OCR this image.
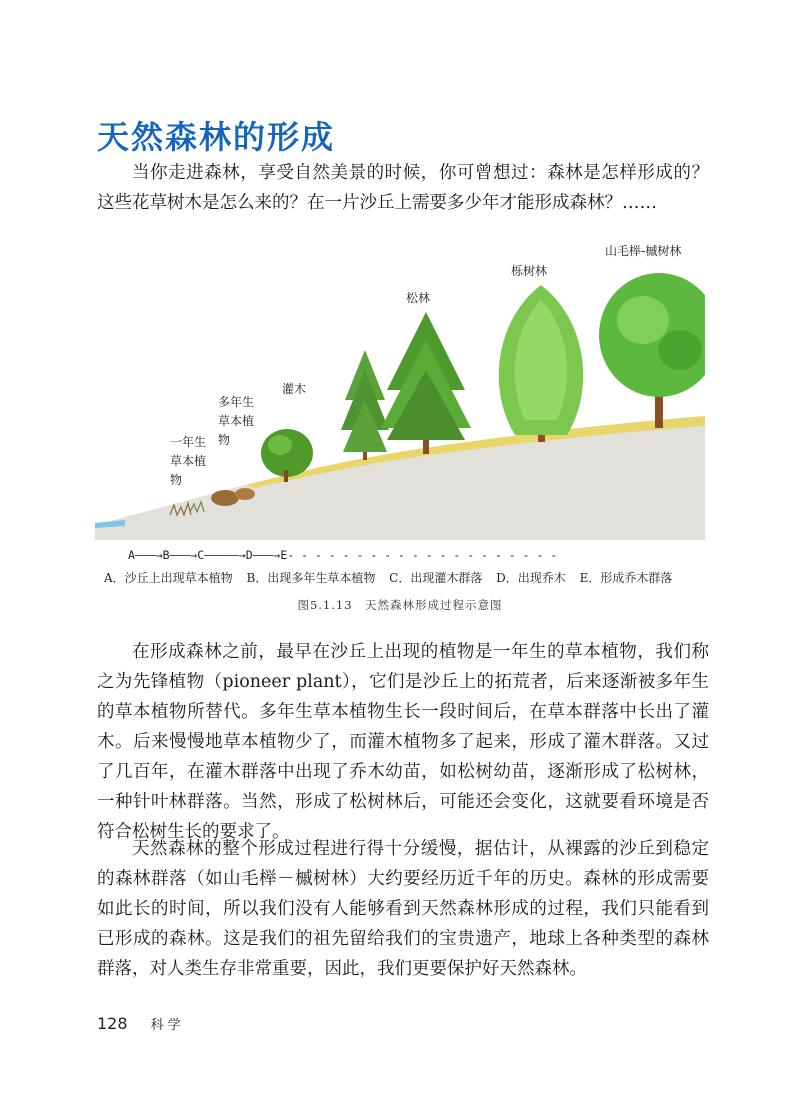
天然森林的形成

当你走进森林，享受自然美景的时候，你可曾想过：森林是怎样形成的？这些花草树木是怎么来的？在一片沙丘上需要多少年才能形成森林？……

一年生草本植物
多年生草本植物
灌木
松林
栎树林
山毛榉-槭树林
A———→B———→C—————→D———→E- - - - - - - - - - - - - - - - - - - -
A．沙丘上出现草本植物 B．出现多年生草本植物 C．出现灌木群落 D．出现乔木 E．形成乔木群落
图5.1.13　天然森林形成过程示意图

在形成森林之前，最早在沙丘上出现的植物是一年生的草本植物，我们称之为先锋植物（pioneer plant），它们是沙丘上的拓荒者，后来逐渐被多年生的草本植物所替代。多年生草本植物生长一段时间后，在草本群落中长出了灌木。后来慢慢地草本植物少了，而灌木植物多了起来，形成了灌木群落。又过了几百年，在灌木群落中出现了乔木幼苗，如松树幼苗，逐渐形成了松树林，一种针叶林群落。当然，形成了松树林后，可能还会变化，这就要看环境是否符合松树生长的要求了。

天然森林的整个形成过程进行得十分缓慢，据估计，从裸露的沙丘到稳定的森林群落（如山毛榉－槭树林）大约要经历近千年的历史。森林的形成需要如此长的时间，所以我们没有人能够看到天然森林形成的过程，我们只能看到已形成的森林。这是我们的祖先留给我们的宝贵遗产，地球上各种类型的森林群落，对人类生存非常重要，因此，我们更要保护好天然森林。

128 科学
